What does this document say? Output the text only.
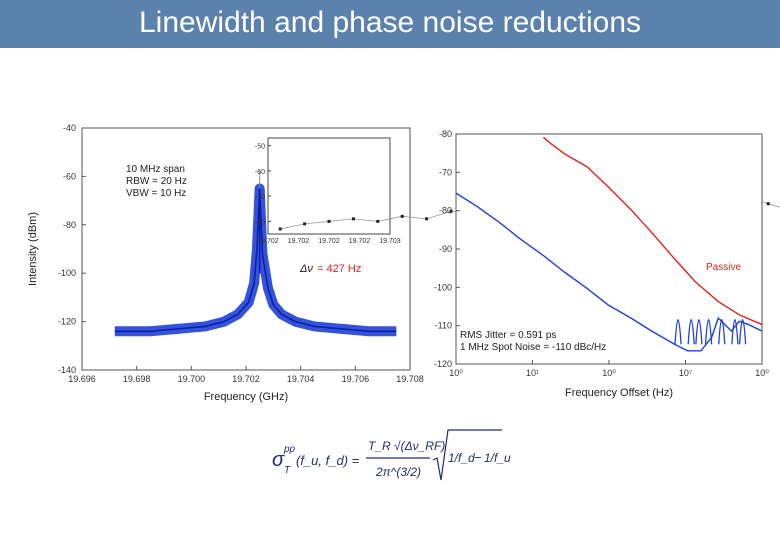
Linewidth and phase noise reductions
-40
-60
-80
-100
-120
-140
19.696	19.698	19.700	19.702	19.704	19.706	19.708
Frequency (GHz)
Intensity (dBm)
10 MHz span
RBW = 20 Hz
VBW = 10 Hz
-50
-60
-70
-80
19.702 19.702 19.702 19.702 19.703
Δν = 427 Hz
-80
-70
-80
-90
-100
-110
-120
10⁰	10¹	10⁰	10⁷	10⁰
Frequency Offset (Hz)
Passive
RMS Jitter = 0.591 ps
1 MHz Spot Noise = -110 dBc/Hz
σ pp
T
(f_u, f_d) =
T_R √(Δν_RF)
2π^(3/2)
1/f_d − 1/f_u
